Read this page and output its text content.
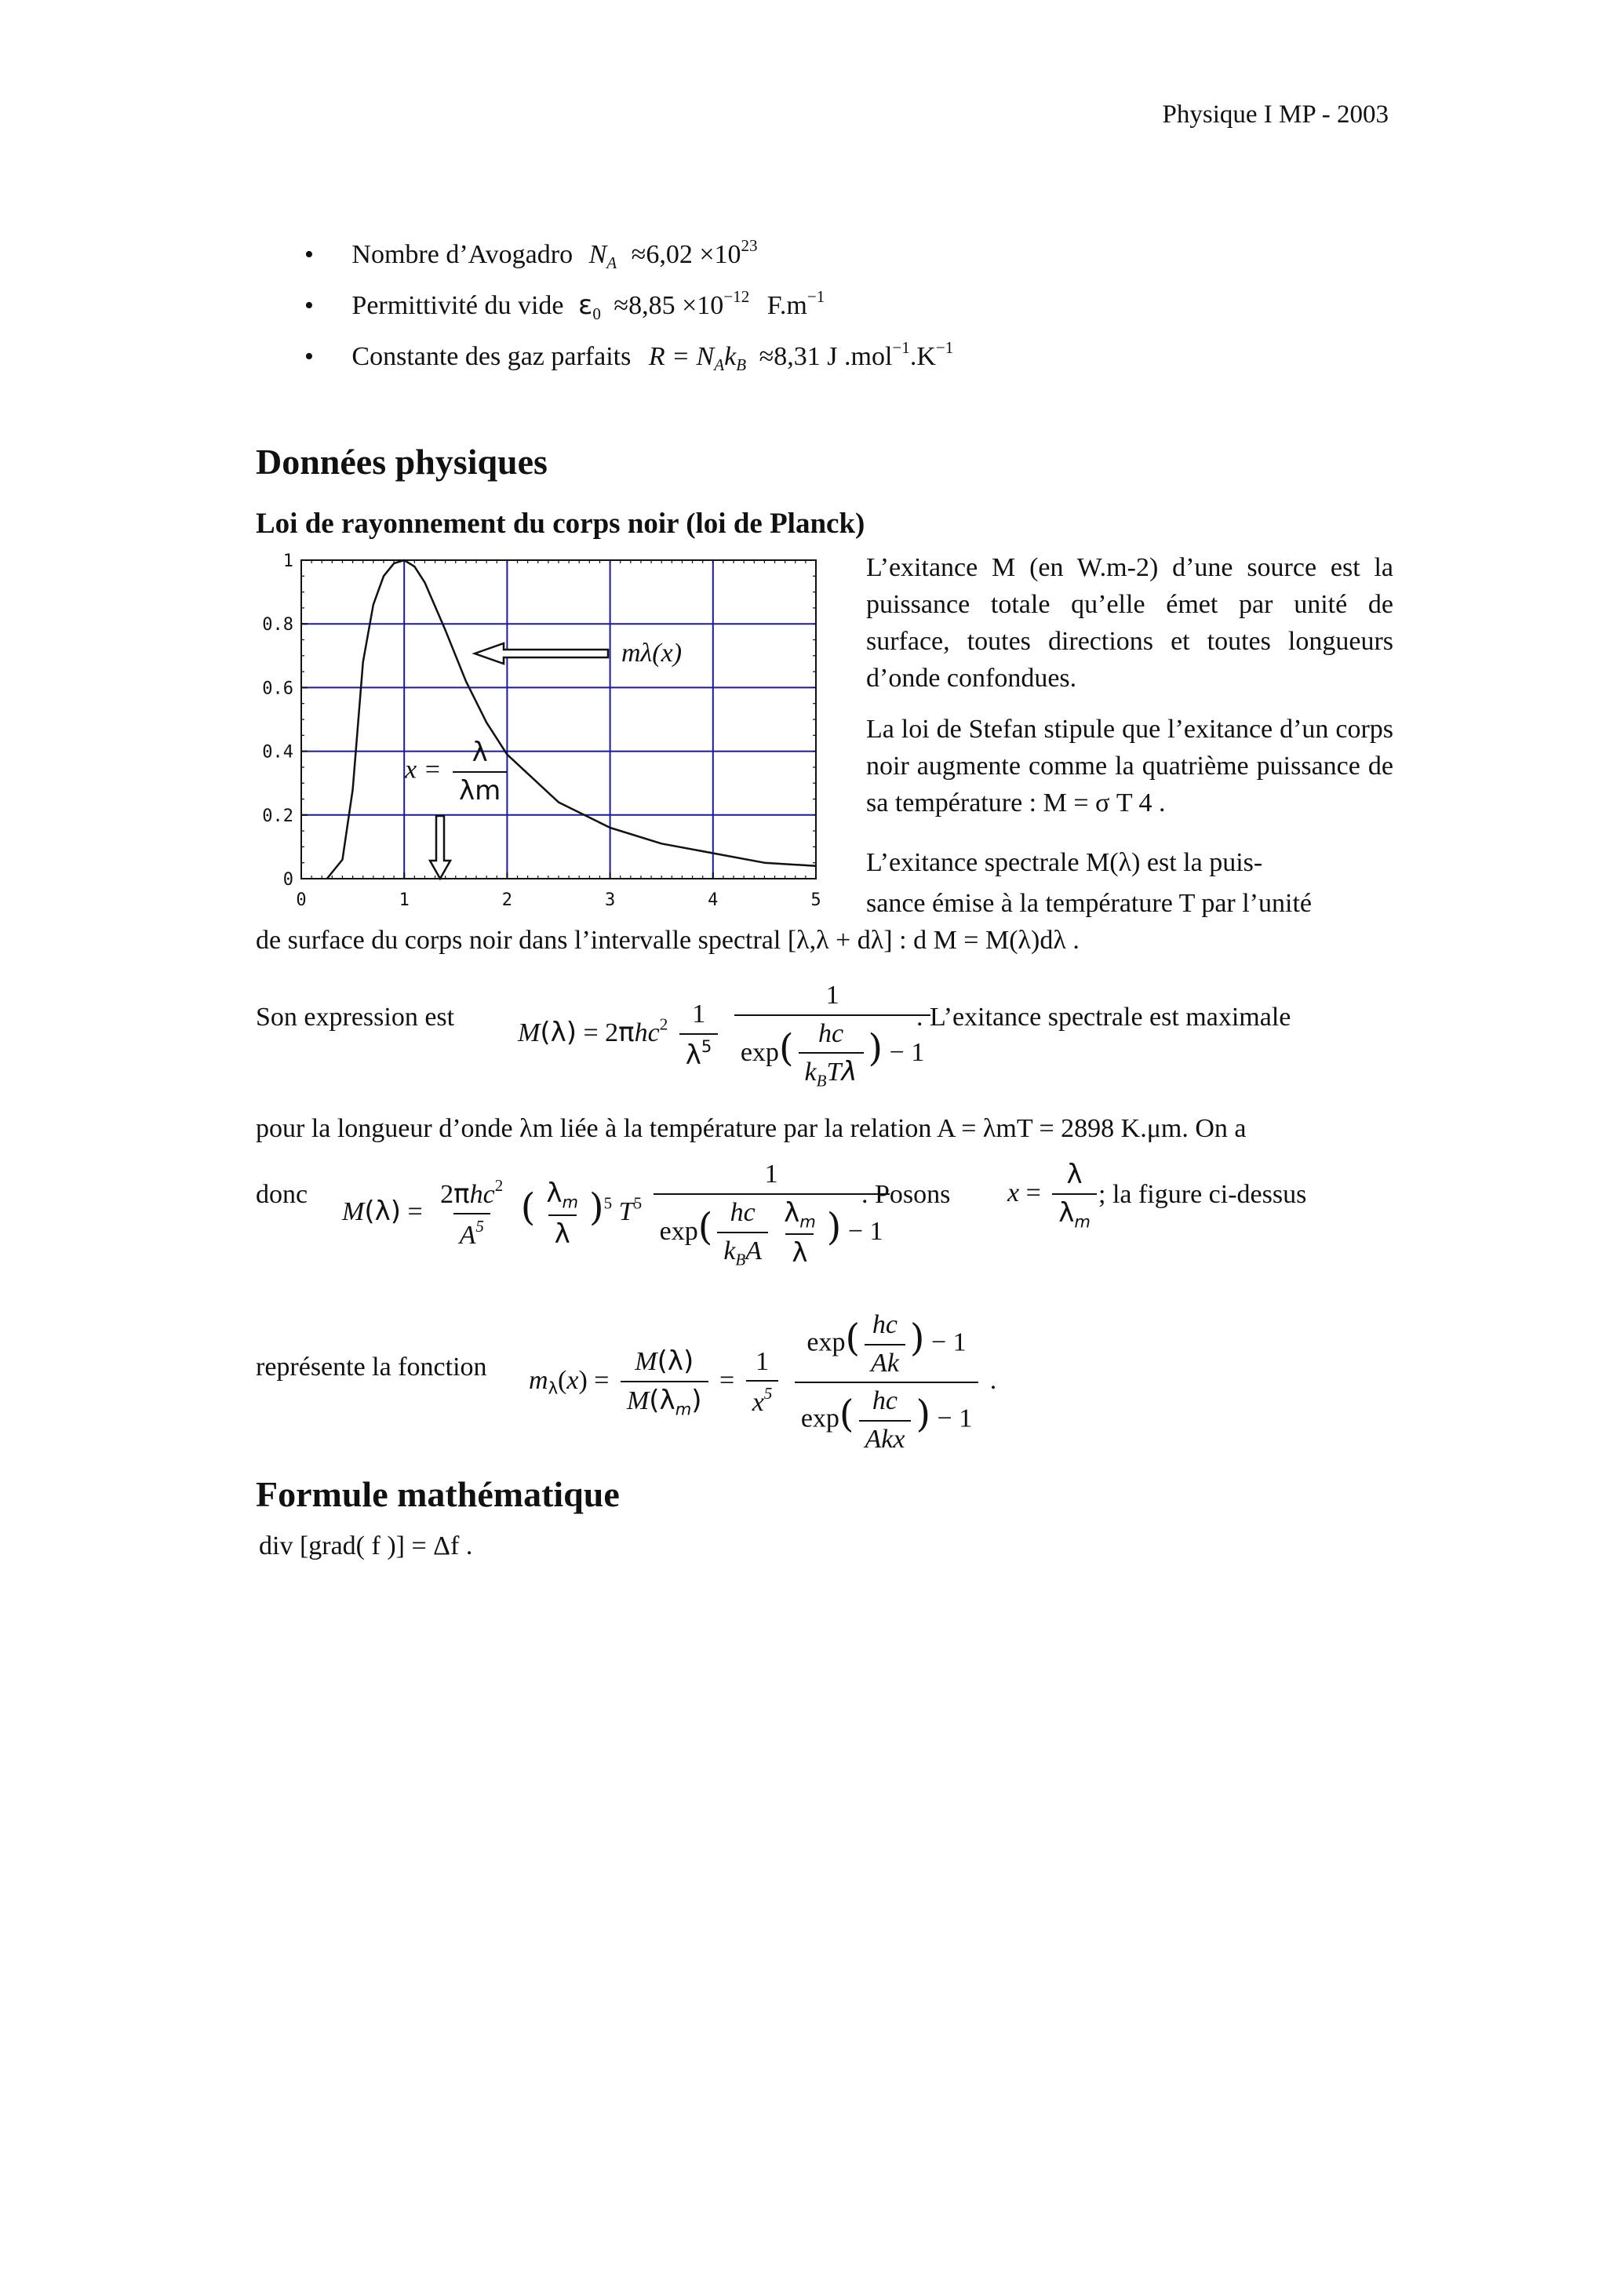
Physique I MP - 2003
• Nombre d’Avogadro $N_A \approx 6,02 \times 10^{23}$
• Permittivité du vide $\varepsilon_0 \approx 8,85 \times 10^{-12}$ $F.m^{-1}$
• Constante des gaz parfaits $R = N_Ak_B \approx 8,31$ J $.mol^{-1}.K^{-1}$
Données physiques
Loi de rayonnement du corps noir (loi de Planck)
0	1	2	3	4	5
0
0.2
0.4
0.6
0.8
1
mλ(x)
$x = \frac{\lambda}{\lambda m}$
L’exitance M (en W.m-2) d’une source est la puissance totale qu’elle émet par unité de surface, toutes directions et toutes longueurs d’onde confondues.
La loi de Stefan stipule que l’exitance d’un corps noir augmente comme la quatrième puissance de sa température : M = σ T 4 .
L’exitance spectrale M(λ) est la puis-
sance émise à la température T par l’unité
de surface du corps noir dans l’intervalle spectral [λ,λ + dλ] : d M = M(λ)dλ .
Son expression est
$M(\lambda) = 2\pi hc^2 \frac{1}{\lambda^5}$
$\frac{1}{\exp( \frac{hc}{k_BT\lambda} ) - 1}$
. L’exitance spectrale est maximale
pour la longueur d’onde λm liée à la température par la relation A = λmT = 2898 K.μm. On a
donc
$M(\lambda) = \frac{2\pi hc^2}{A^5}$ ( $\frac{\lambda_m}{\lambda} )^5$ $T^5 \frac{1}{\exp( \frac{hc}{k_BA} \frac{\lambda_m}{\lambda} ) - 1}$
. Posons $x = \frac{\lambda}{\lambda_m}$ ; la figure ci-dessus
représente la fonction $m_\lambda(x) = \frac{M(\lambda)}{M(\lambda_m)} = \frac{1}{x^5}$
$\frac{\exp( \frac{hc}{Ak} ) - 1}{\exp( \frac{hc}{\text{Akx}} ) - 1}$ .
Formule mathématique
div [grad( f )] = Δf .
